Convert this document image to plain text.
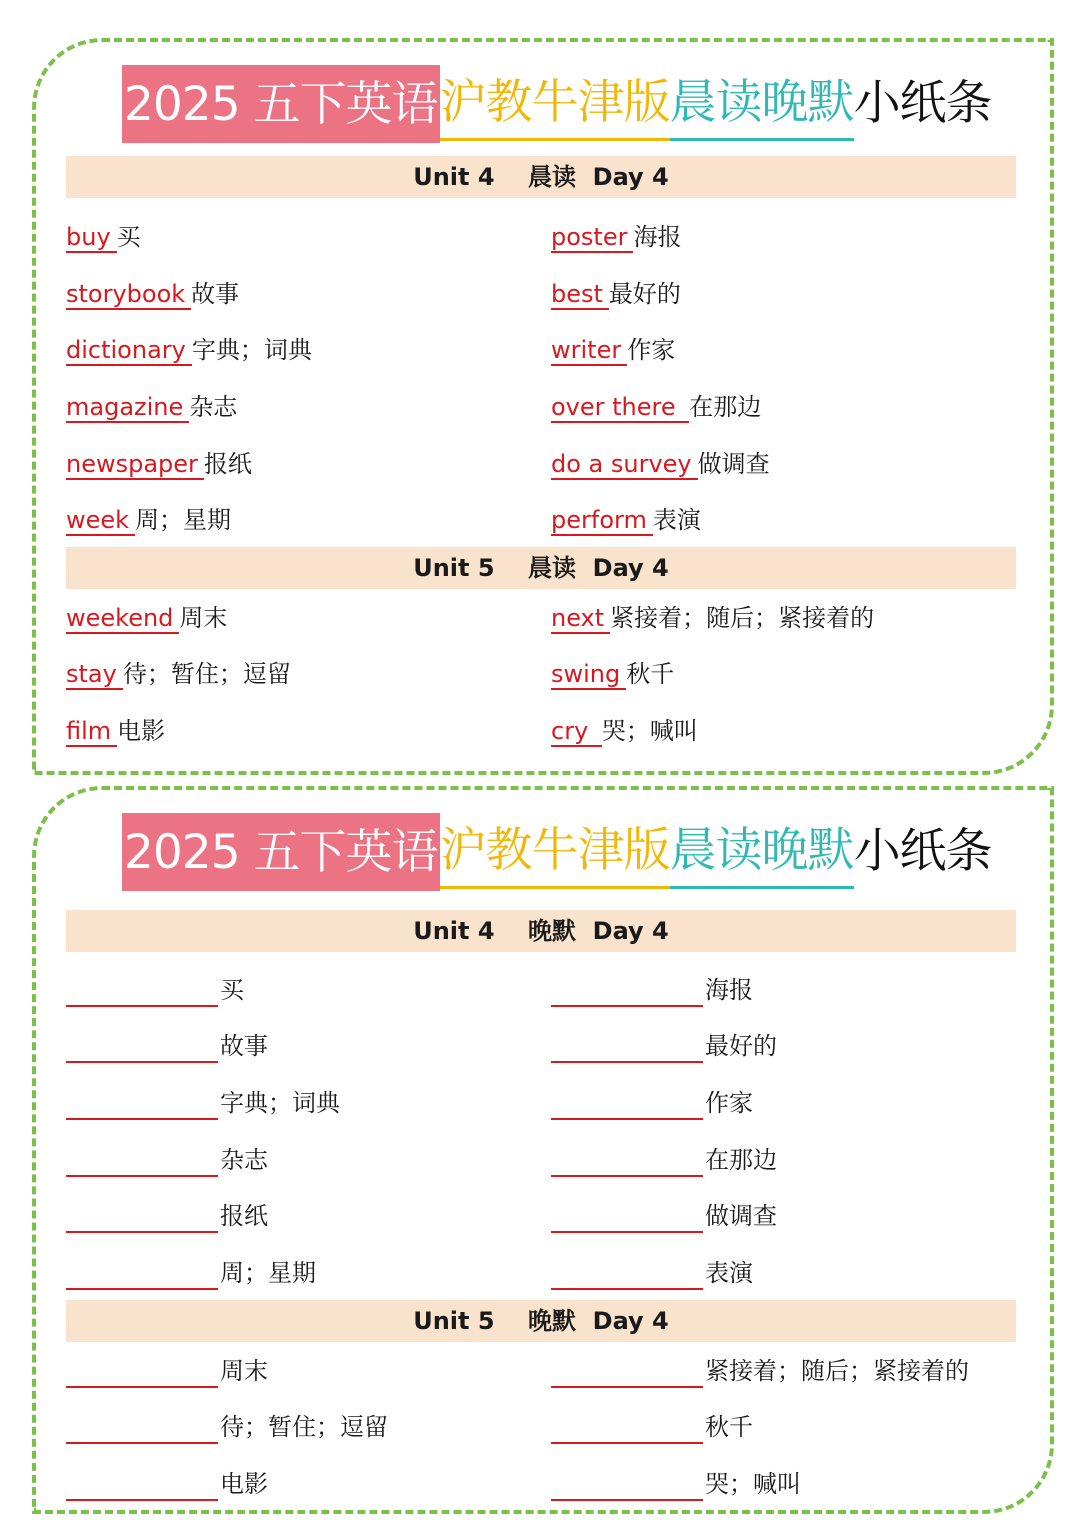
2025 五下英语 沪教牛津版 晨读晚默 小纸条
Unit 4    晨读  Day 4
buy 买
storybook 故事
dictionary 字典；词典
magazine 杂志
newspaper 报纸
week 周；星期
poster 海报
best 最好的
writer 作家
over there 在那边
do a survey 做调查
perform 表演
Unit 5    晨读  Day 4
weekend 周末
stay 待；暂住；逗留
film 电影
next 紧接着；随后；紧接着的
swing 秋千
cry 哭；喊叫
2025 五下英语 沪教牛津版 晨读晚默 小纸条
Unit 4    晚默  Day 4
买
故事
字典；词典
杂志
报纸
周；星期
海报
最好的
作家
在那边
做调查
表演
Unit 5    晚默  Day 4
周末
待；暂住；逗留
电影
紧接着；随后；紧接着的
秋千
哭；喊叫
